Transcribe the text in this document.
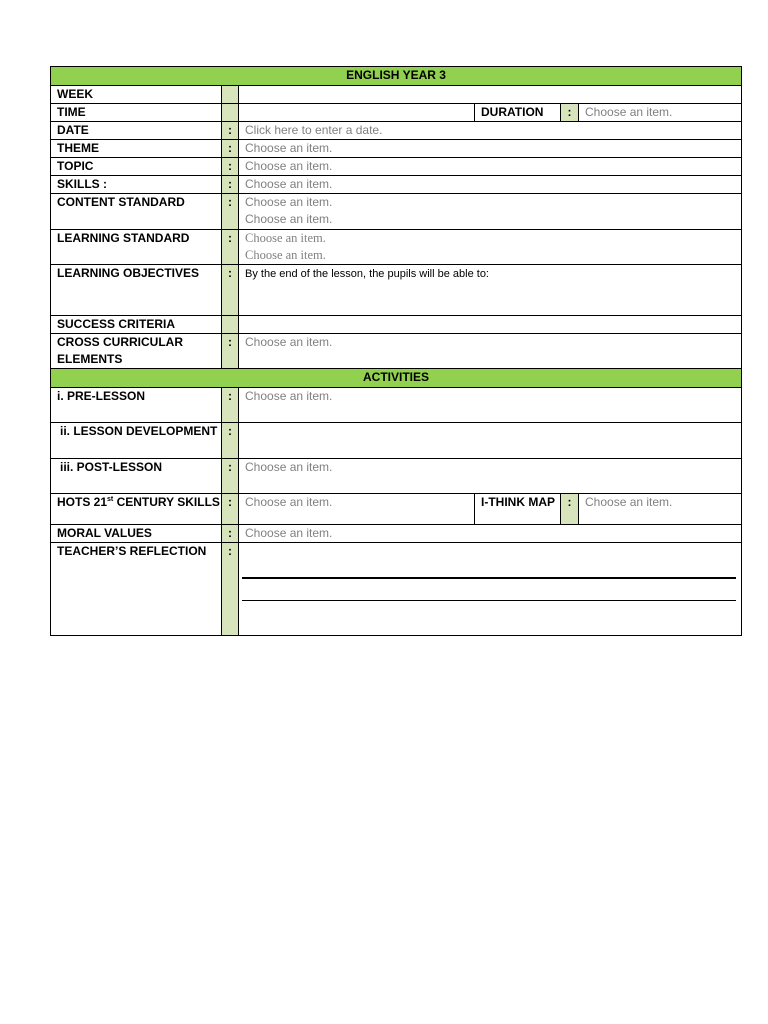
ENGLISH YEAR 3					
WEEK					
TIME			DURATION	:	Choose an item.

DATE	:	Click here to enter a date.			

THEME	:	Choose an item.			

TOPIC	:	Choose an item.			

SKILLS :	:	Choose an item.			

CONTENT STANDARD	:	Choose an item.
Choose an item.			

LEARNING STANDARD	:	Choose an item.
Choose an item.			

LEARNING OBJECTIVES	:	By the end of the lesson, the pupils will be able to:			

SUCCESS CRITERIA					
CROSS CURRICULAR ELEMENTS	:	Choose an item.			

ACTIVITIES					
i. PRE-LESSON	:	Choose an item.			

ii. LESSON DEVELOPMENT	:				
iii. POST-LESSON	:	Choose an item.			

HOTS 21st CENTURY SKILLS	:	Choose an item.	I-THINK MAP	:	Choose an item.

MORAL VALUES	:	Choose an item.			

TEACHER’S REFLECTION	:				
